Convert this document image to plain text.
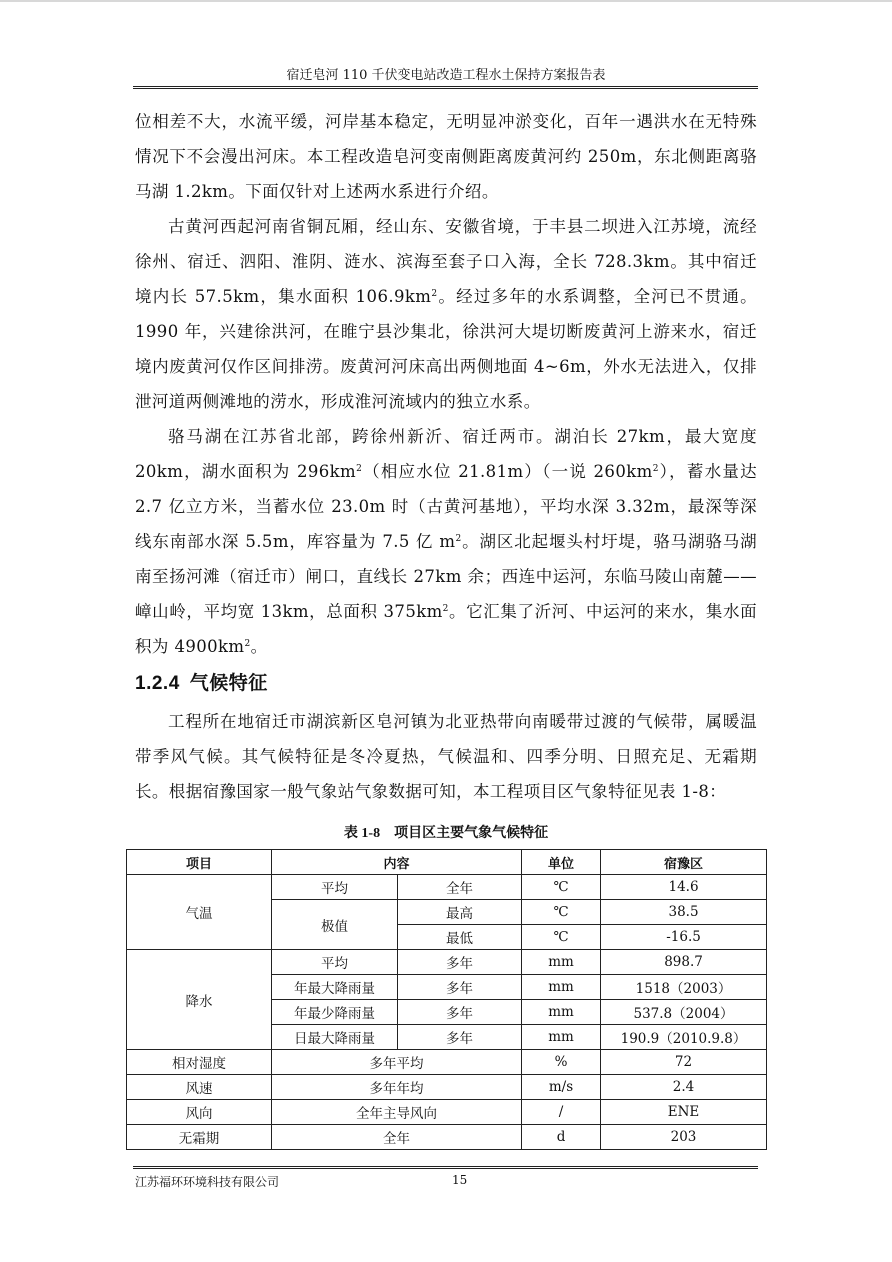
宿迁皂河 110 千伏变电站改造工程水土保持方案报告表

位相差不大，水流平缓，河岸基本稳定，无明显冲淤变化，百年一遇洪水在无特殊情况下不会漫出河床。本工程改造皂河变南侧距离废黄河约 250m，东北侧距离骆马湖 1.2km。下面仅针对上述两水系进行介绍。

古黄河西起河南省铜瓦厢，经山东、安徽省境，于丰县二坝进入江苏境，流经徐州、宿迁、泗阳、淮阴、涟水、滨海至套子口入海，全长 728.3km。其中宿迁境内长 57.5km，集水面积 $106.9km^2$。经过多年的水系调整，全河已不贯通。1990 年，兴建徐洪河，在睢宁县沙集北，徐洪河大堤切断废黄河上游来水，宿迁境内废黄河仅作区间排涝。废黄河河床高出两侧地面 4~6m，外水无法进入，仅排泄河道两侧滩地的涝水，形成淮河流域内的独立水系。

骆马湖在江苏省北部，跨徐州新沂、宿迁两市。湖泊长 27km，最大宽度 20km，湖水面积为 $296km^2$（相应水位 21.81m）（一说 $260km^2$），蓄水量达 2.7 亿立方米，当蓄水位 23.0m 时（古黄河基地），平均水深 3.32m，最深等深线东南部水深 5.5m，库容量为 7.5 亿 $m^2$。湖区北起堰头村圩堤，骆马湖骆马湖南至扬河滩（宿迁市）闸口，直线长 27km 余；西连中运河，东临马陵山南麓——嶂山岭，平均宽 13km，总面积 $375km^2$。它汇集了沂河、中运河的来水，集水面积为 $4900km^2$。

1.2.4 气候特征

工程所在地宿迁市湖滨新区皂河镇为北亚热带向南暖带过渡的气候带，属暖温带季风气候。其气候特征是冬冷夏热，气候温和、四季分明、日照充足、无霜期长。根据宿豫国家一般气象站气象数据可知，本工程项目区气象特征见表 1-8：

表 1-8 项目区主要气象气候特征
项目	内容		单位	宿豫区
气温	平均	全年	℃	14.6
	极值	最高	℃	38.5
		最低	℃	-16.5
降水	平均	多年	mm	898.7
	年最大降雨量	多年	mm	1518（2003）
	年最少降雨量	多年	mm	537.8（2004）
	日最大降雨量	多年	mm	190.9（2010.9.8）
相对湿度	多年平均		%	72
风速	多年年均		m/s	2.4
风向	全年主导风向		/	ENE
无霜期	全年		d	203
江苏福环环境科技有限公司	15
